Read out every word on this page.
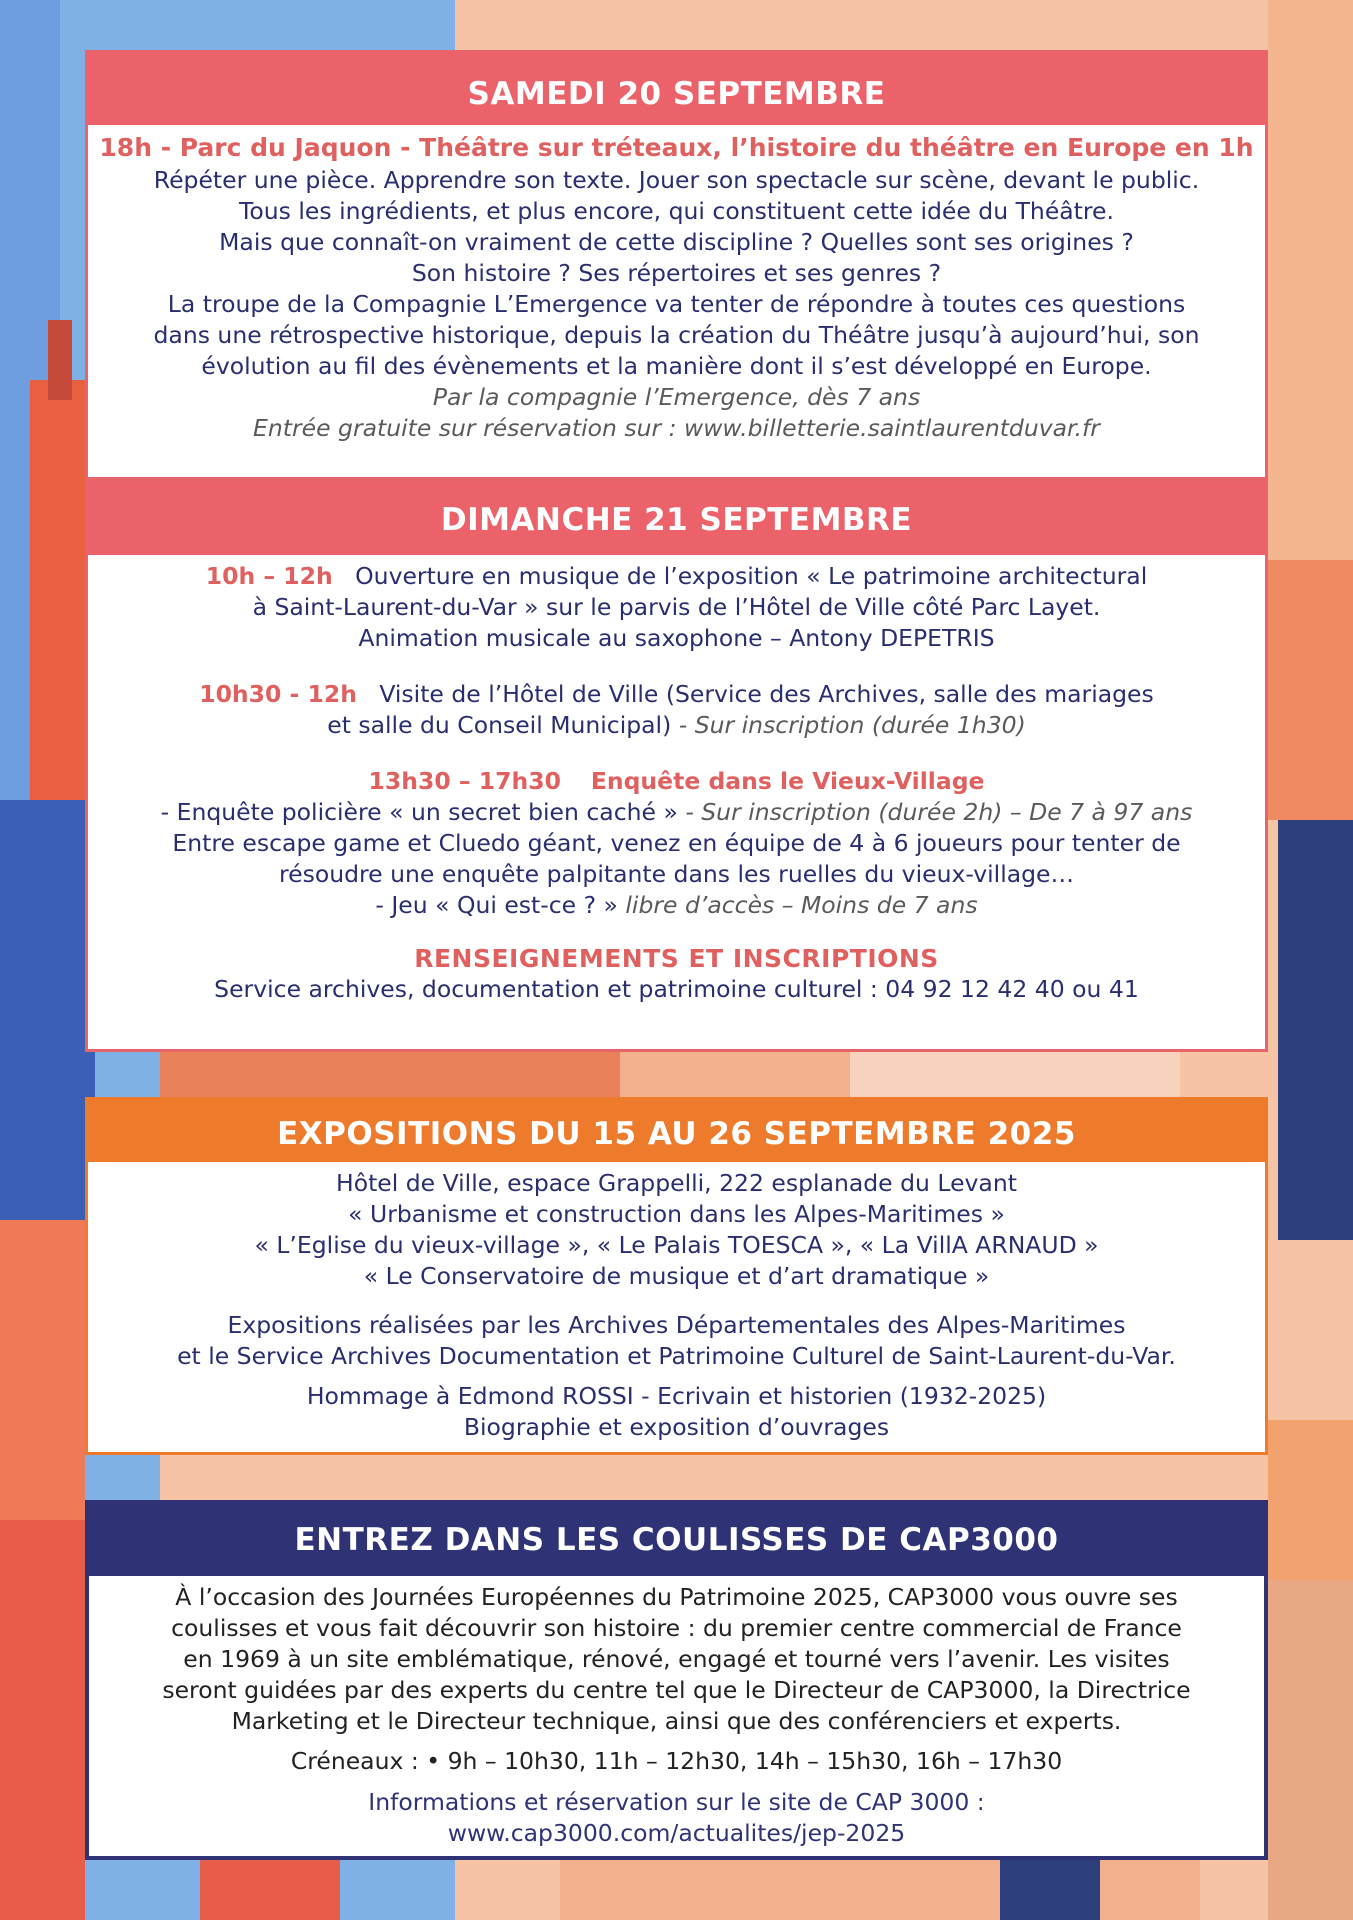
SAMEDI 20 SEPTEMBRE
18h - Parc du Jaquon - Théâtre sur tréteaux, l’histoire du théâtre en Europe en 1h
Répéter une pièce. Apprendre son texte. Jouer son spectacle sur scène, devant le public.
Tous les ingrédients, et plus encore, qui constituent cette idée du Théâtre.
Mais que connaît-on vraiment de cette discipline ? Quelles sont ses origines ?
Son histoire ? Ses répertoires et ses genres ?
La troupe de la Compagnie L’Emergence va tenter de répondre à toutes ces questions
dans une rétrospective historique, depuis la création du Théâtre jusqu’à aujourd’hui, son
évolution au fil des évènements et la manière dont il s’est développé en Europe.
Par la compagnie l’Emergence, dès 7 ans
Entrée gratuite sur réservation sur : www.billetterie.saintlaurentduvar.fr
DIMANCHE 21 SEPTEMBRE
10h – 12h Ouverture en musique de l’exposition « Le patrimoine architectural
à Saint-Laurent-du-Var » sur le parvis de l’Hôtel de Ville côté Parc Layet.
Animation musicale au saxophone – Antony DEPETRIS
10h30 - 12h Visite de l’Hôtel de Ville (Service des Archives, salle des mariages
et salle du Conseil Municipal) - Sur inscription (durée 1h30)
13h30 – 17h30 Enquête dans le Vieux-Village
- Enquête policière « un secret bien caché » - Sur inscription (durée 2h) – De 7 à 97 ans
Entre escape game et Cluedo géant, venez en équipe de 4 à 6 joueurs pour tenter de
résoudre une enquête palpitante dans les ruelles du vieux-village…
- Jeu « Qui est-ce ? » libre d’accès – Moins de 7 ans
RENSEIGNEMENTS ET INSCRIPTIONS
Service archives, documentation et patrimoine culturel : 04 92 12 42 40 ou 41
EXPOSITIONS DU 15 AU 26 SEPTEMBRE 2025
Hôtel de Ville, espace Grappelli, 222 esplanade du Levant
« Urbanisme et construction dans les Alpes-Maritimes »
« L’Eglise du vieux-village », « Le Palais TOESCA », « La VillA ARNAUD »
« Le Conservatoire de musique et d’art dramatique »
Expositions réalisées par les Archives Départementales des Alpes-Maritimes
et le Service Archives Documentation et Patrimoine Culturel de Saint-Laurent-du-Var.
Hommage à Edmond ROSSI - Ecrivain et historien (1932-2025)
Biographie et exposition d’ouvrages
ENTREZ DANS LES COULISSES DE CAP3000
À l’occasion des Journées Européennes du Patrimoine 2025, CAP3000 vous ouvre ses
coulisses et vous fait découvrir son histoire : du premier centre commercial de France
en 1969 à un site emblématique, rénové, engagé et tourné vers l’avenir. Les visites
seront guidées par des experts du centre tel que le Directeur de CAP3000, la Directrice
Marketing et le Directeur technique, ainsi que des conférenciers et experts.
Créneaux : • 9h – 10h30, 11h – 12h30, 14h – 15h30, 16h – 17h30
Informations et réservation sur le site de CAP 3000 :
www.cap3000.com/actualites/jep-2025
